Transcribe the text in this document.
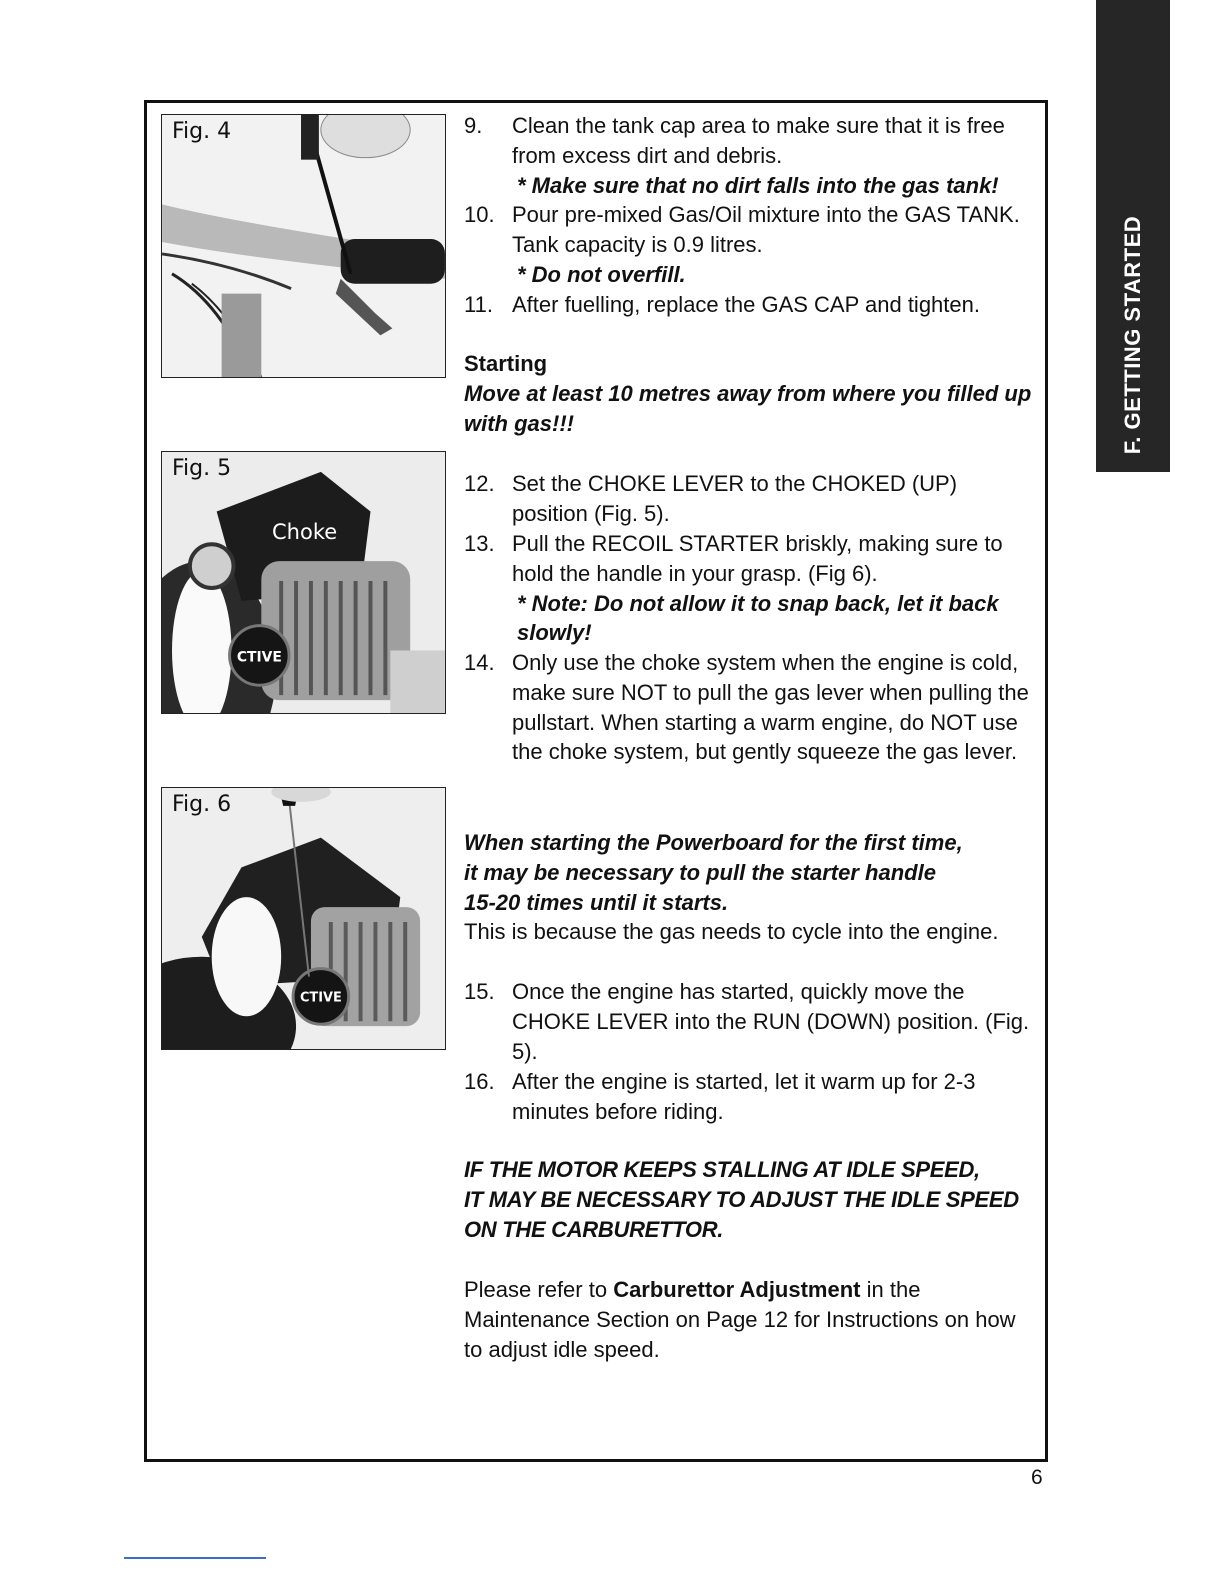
F. GETTING STARTED
Fig. 4
CTIVE
Choke
Fig. 5
CTIVE
Fig. 6
9. Clean the tank cap area to make sure that it is free from excess dirt and debris.
* Make sure that no dirt falls into the gas tank!
10. Pour pre-mixed Gas/Oil mixture into the GAS TANK. Tank capacity is 0.9 litres.
* Do not overfill.
11. After fuelling, replace the GAS CAP and tighten.
Starting
Move at least 10 metres away from where you filled up with gas!!!
12. Set the CHOKE LEVER to the CHOKED (UP) position (Fig. 5).
13. Pull the RECOIL STARTER briskly, making sure to hold the handle in your grasp. (Fig 6).
* Note: Do not allow it to snap back, let it back slowly!
14. Only use the choke system when the engine is cold, make sure NOT to pull the gas lever when pulling the pullstart. When starting a warm engine, do NOT use the choke system, but gently squeeze the gas lever.
When starting the Powerboard for the first time,
it may be necessary to pull the starter handle
15-20 times until it starts.
This is because the gas needs to cycle into the engine.
15. Once the engine has started, quickly move the CHOKE LEVER into the RUN (DOWN) position. (Fig. 5).
16. After the engine is started, let it warm up for 2-3 minutes before riding.
IF THE MOTOR KEEPS STALLING AT IDLE SPEED,
IT MAY BE NECESSARY TO ADJUST THE IDLE SPEED
ON THE CARBURETTOR.
Please refer to Carburettor Adjustment in the Maintenance Section on Page 12 for Instructions on how to adjust idle speed.
6
